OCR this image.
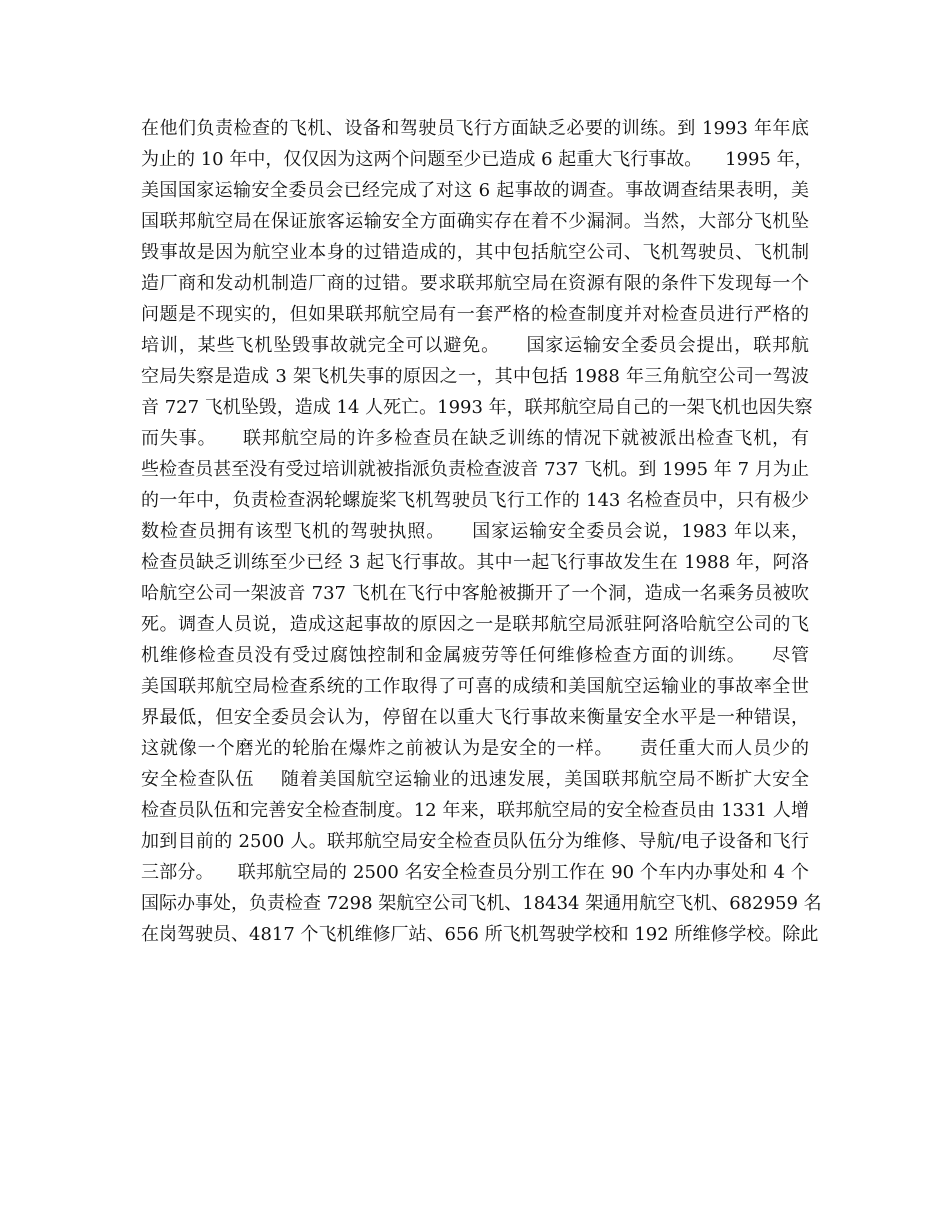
在他们负责检查的飞机、设备和驾驶员飞行方面缺乏必要的训练。到 1993 年年底
为止的 10 年中，仅仅因为这两个问题至少已造成 6 起重大飞行事故。    1995 年，
美国国家运输安全委员会已经完成了对这 6 起事故的调查。事故调查结果表明，美
国联邦航空局在保证旅客运输安全方面确实存在着不少漏洞。当然，大部分飞机坠
毁事故是因为航空业本身的过错造成的，其中包括航空公司、飞机驾驶员、飞机制
造厂商和发动机制造厂商的过错。要求联邦航空局在资源有限的条件下发现每一个
问题是不现实的，但如果联邦航空局有一套严格的检查制度并对检查员进行严格的
培训，某些飞机坠毁事故就完全可以避免。    国家运输安全委员会提出，联邦航
空局失察是造成 3 架飞机失事的原因之一，其中包括 1988 年三角航空公司一驾波
音 727 飞机坠毁，造成 14 人死亡。1993 年，联邦航空局自己的一架飞机也因失察
而失事。    联邦航空局的许多检查员在缺乏训练的情况下就被派出检查飞机，有
些检查员甚至没有受过培训就被指派负责检查波音 737 飞机。到 1995 年 7 月为止
的一年中，负责检查涡轮螺旋桨飞机驾驶员飞行工作的 143 名检查员中，只有极少
数检查员拥有该型飞机的驾驶执照。    国家运输安全委员会说，1983 年以来，
检查员缺乏训练至少已经 3 起飞行事故。其中一起飞行事故发生在 1988 年，阿洛
哈航空公司一架波音 737 飞机在飞行中客舱被撕开了一个洞，造成一名乘务员被吹
死。调查人员说，造成这起事故的原因之一是联邦航空局派驻阿洛哈航空公司的飞
机维修检查员没有受过腐蚀控制和金属疲劳等任何维修检查方面的训练。    尽管
美国联邦航空局检查系统的工作取得了可喜的成绩和美国航空运输业的事故率全世
界最低，但安全委员会认为，停留在以重大飞行事故来衡量安全水平是一种错误，
这就像一个磨光的轮胎在爆炸之前被认为是安全的一样。    责任重大而人员少的
安全检查队伍    随着美国航空运输业的迅速发展，美国联邦航空局不断扩大安全
检查员队伍和完善安全检查制度。12 年来，联邦航空局的安全检查员由 1331 人增
加到目前的 2500 人。联邦航空局安全检查员队伍分为维修、导航/电子设备和飞行
三部分。    联邦航空局的 2500 名安全检查员分别工作在 90 个车内办事处和 4 个
国际办事处，负责检查 7298 架航空公司飞机、18434 架通用航空飞机、682959 名
在岗驾驶员、4817 个飞机维修厂站、656 所飞机驾驶学校和 192 所维修学校。除此
